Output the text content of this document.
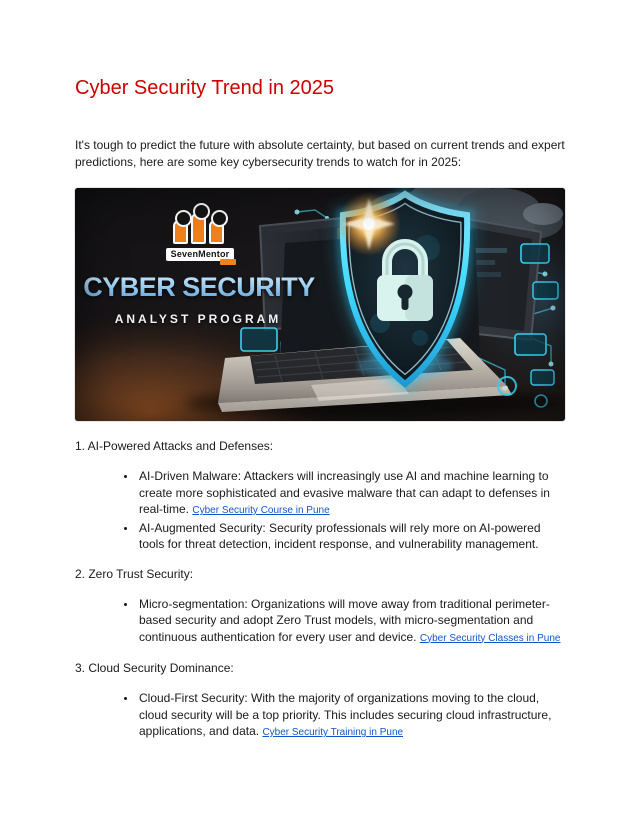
Cyber Security Trend in 2025

It's tough to predict the future with absolute certainty, but based on current trends and expert predictions, here are some key cybersecurity trends to watch for in 2025:

SevenMentor
CYBER SECURITY
ANALYST PROGRAM

1. AI-Powered Attacks and Defenses:

• AI-Driven Malware: Attackers will increasingly use AI and machine learning to create more sophisticated and evasive malware that can adapt to defenses in real-time. Cyber Security Course in Pune
• AI-Augmented Security: Security professionals will rely more on AI-powered tools for threat detection, incident response, and vulnerability management.

2. Zero Trust Security:

• Micro-segmentation: Organizations will move away from traditional perimeter-based security and adopt Zero Trust models, with micro-segmentation and continuous authentication for every user and device. Cyber Security Classes in Pune

3. Cloud Security Dominance:

• Cloud-First Security: With the majority of organizations moving to the cloud, cloud security will be a top priority. This includes securing cloud infrastructure, applications, and data. Cyber Security Training in Pune
